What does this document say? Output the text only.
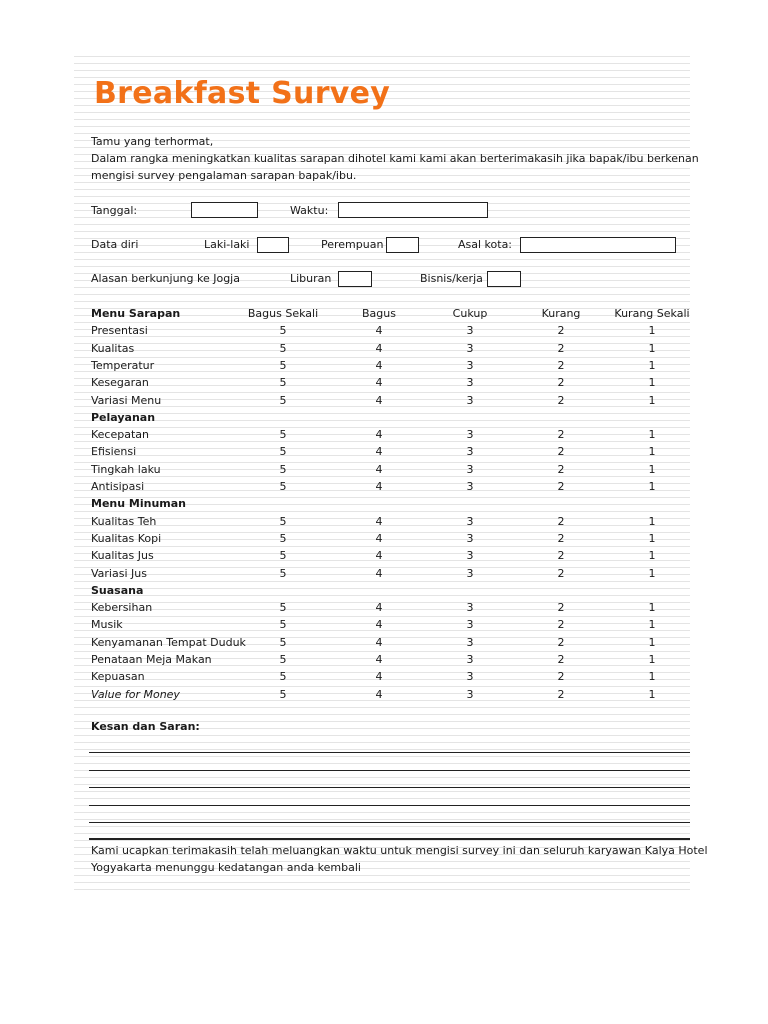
Breakfast Survey
Tamu yang terhormat,
Dalam rangka meningkatkan kualitas sarapan dihotel kami kami akan berterimakasih jika bapak/ibu berkenan
mengisi survey pengalaman sarapan bapak/ibu.
Tanggal:	Waktu:
Data diri	Laki-laki	Perempuan	Asal kota:
Alasan berkunjung ke Jogja	Liburan	Bisnis/kerja
Menu Sarapan	Bagus Sekali	Bagus	Cukup	Kurang	Kurang Sekali
Presentasi	5	4	3	2	1
Kualitas	5	4	3	2	1
Temperatur	5	4	3	2	1
Kesegaran	5	4	3	2	1
Variasi Menu	5	4	3	2	1
Pelayanan
Kecepatan	5	4	3	2	1
Efisiensi	5	4	3	2	1
Tingkah laku	5	4	3	2	1
Antisipasi	5	4	3	2	1
Menu Minuman
Kualitas Teh	5	4	3	2	1
Kualitas Kopi	5	4	3	2	1
Kualitas Jus	5	4	3	2	1
Variasi Jus	5	4	3	2	1
Suasana
Kebersihan	5	4	3	2	1
Musik	5	4	3	2	1
Kenyamanan Tempat Duduk	5	4	3	2	1
Penataan Meja Makan	5	4	3	2	1
Kepuasan	5	4	3	2	1
Value for Money	5	4	3	2	1
Kesan dan Saran:
Kami ucapkan terimakasih telah meluangkan waktu untuk mengisi survey ini dan seluruh karyawan Kalya Hotel
Yogyakarta menunggu kedatangan anda kembali
